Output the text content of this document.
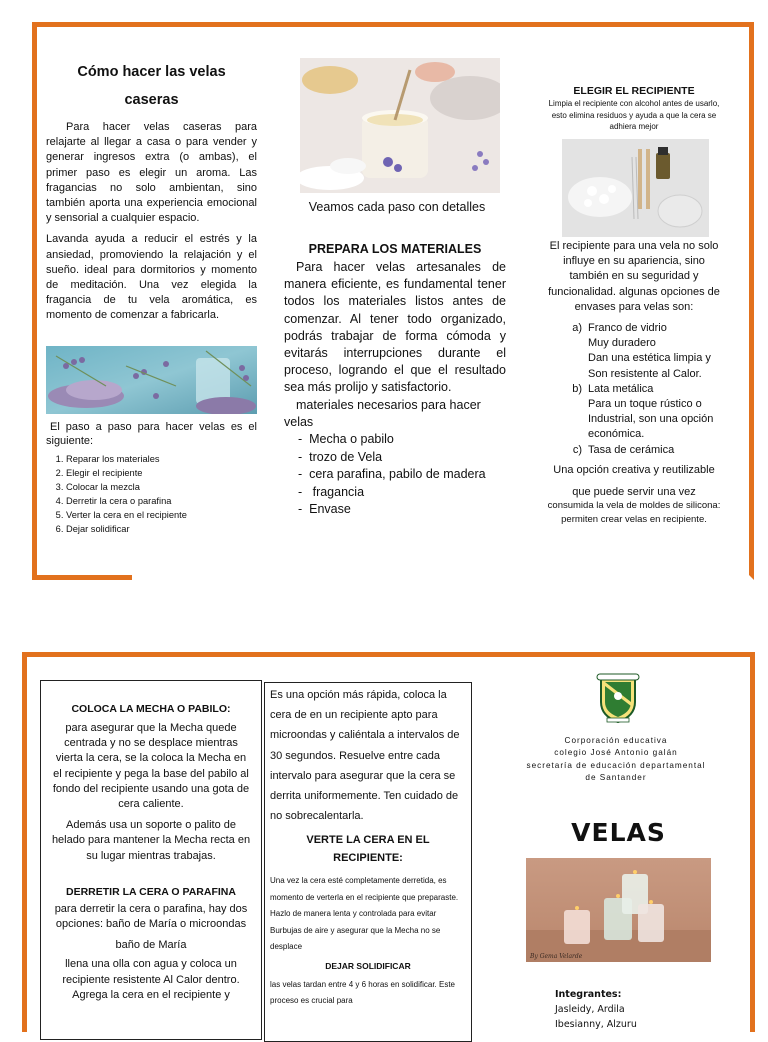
Cómo hacer las velas caseras

Para hacer velas caseras para relajarte al llegar a casa o para vender y generar ingresos extra (o ambas), el primer paso es elegir un aroma. Las fragancias no solo ambientan, sino también aporta una experiencia emocional y sensorial a cualquier espacio.

Lavanda ayuda a reducir el estrés y la ansiedad, promoviendo la relajación y el sueño. ideal para dormitorios y momento de meditación. Una vez elegida la fragancia de tu vela aromática, es momento de comenzar a fabricarla.

El paso a paso para hacer velas es el siguiente:

1. Reparar los materiales
2. Elegir el recipiente
3. Colocar la mezcla
4. Derretir la cera o parafina
5. Verter la cera en el recipiente
6. Dejar solidificar
Veamos cada paso con detalles
PREPARA LOS MATERIALES

Para hacer velas artesanales de manera eficiente, es fundamental tener todos los materiales listos antes de comenzar. Al tener todo organizado, podrás trabajar de forma cómoda y evitarás interrupciones durante el proceso, logrando el que el resultado sea más prolijo y satisfactorio.

materiales necesarios para hacer velas

-  Mecha o pabilo
-  trozo de Vela
-  cera parafina, pabilo de madera
-   fragancia
-  Envase
ELEGIR EL RECIPIENTE

Limpia el recipiente con alcohol antes de usarlo, esto elimina residuos y ayuda a que la cera se adhiera mejor

El recipiente para una vela no solo influye en su apariencia, sino también en su seguridad y funcionalidad. algunas opciones de envases para velas son:

a) Franco de vidrio
Muy duradero
Dan una estética limpia y Son resistente al Calor.
b) Lata metálica
Para un toque rústico o Industrial, son una opción económica.
c) Tasa de cerámica

Una opción creativa y reutilizable

que puede servir una vez

consumida la vela de moldes de silicona: permiten crear velas en recipiente.

COLOCA LA MECHA O PABILO:

para asegurar que la Mecha quede centrada y no se desplace mientras vierta la cera, se la coloca la Mecha en el recipiente y pega la base del pabilo al fondo del recipiente usando una gota de cera caliente.

Además usa un soporte o palito de helado para mantener la Mecha recta en su lugar mientras trabajas.

DERRETIR LA CERA O PARAFINA

para derretir la cera o parafina, hay dos opciones: baño de María o microondas

baño de María

llena una olla con agua y coloca un recipiente resistente Al Calor dentro. Agrega la cera en el recipiente y

Es una opción más rápida, coloca la cera de en un recipiente apto para microondas y caliéntala a intervalos de 30 segundos. Resuelve entre cada intervalo para asegurar que la cera se derrita uniformemente. Ten cuidado de no sobrecalentarla.

VERTE LA CERA EN EL RECIPIENTE:

Una vez la cera esté completamente derretida, es momento de verterla en el recipiente que preparaste. Hazlo de manera lenta y controlada para evitar Burbujas de aire y asegurar que la Mecha no se desplace

DEJAR SOLIDIFICAR

las velas tardan entre 4 y 6 horas en solidificar. Este proceso es crucial para

Corporación educativa
colegio José Antonio galán
secretaría de educación departamental
de Santander
VELAS
By Gema Velarde
Integrantes:
Jasleidy, Ardila
Ibesianny, Alzuru
